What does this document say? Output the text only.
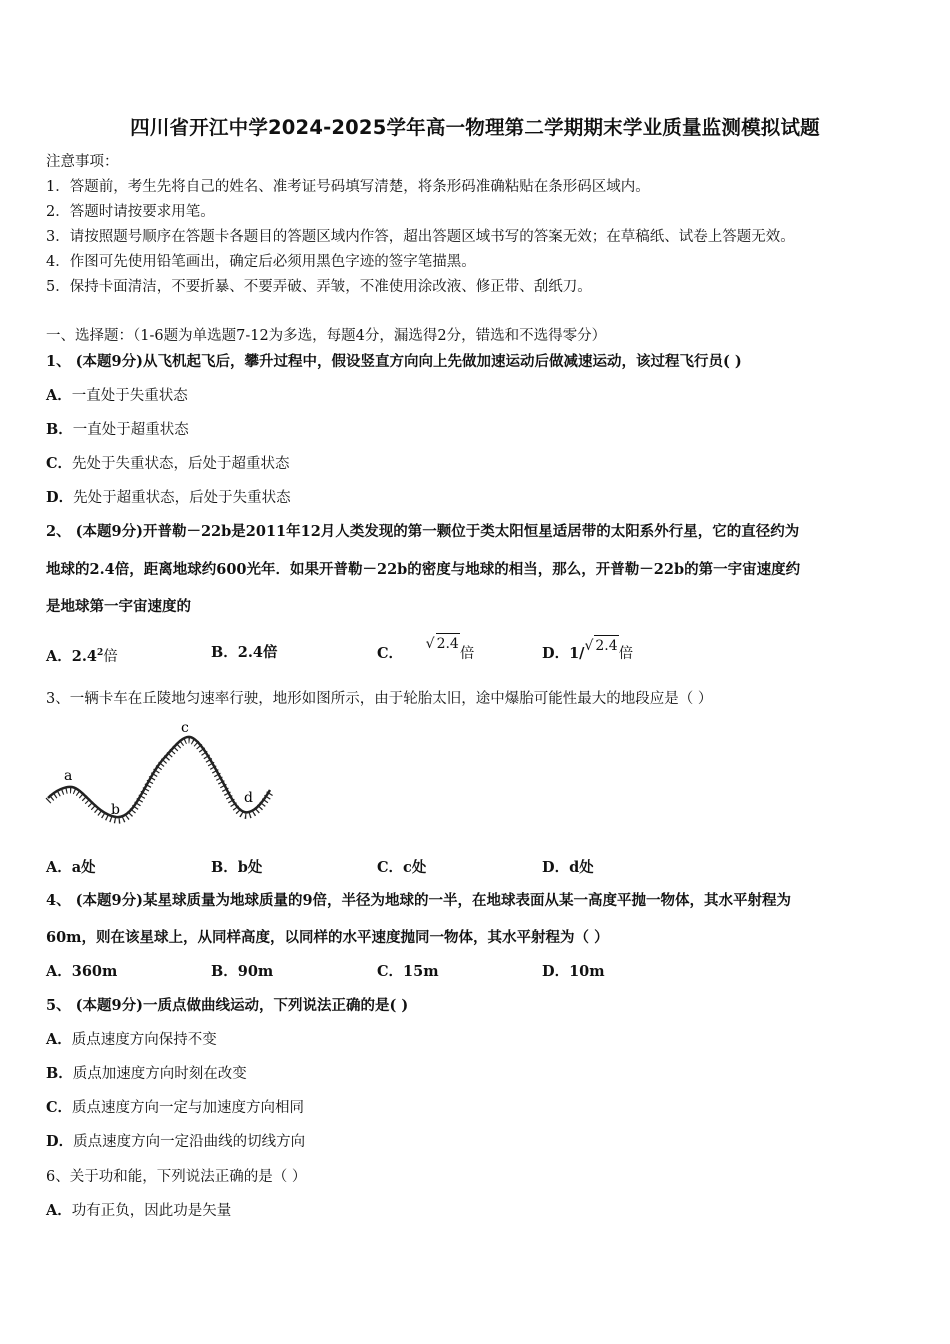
四川省开江中学2024-2025学年高一物理第二学期期末学业质量监测模拟试题
注意事项：
1．答题前，考生先将自己的姓名、准考证号码填写清楚，将条形码准确粘贴在条形码区域内。
2．答题时请按要求用笔。
3．请按照题号顺序在答题卡各题目的答题区域内作答，超出答题区域书写的答案无效；在草稿纸、试卷上答题无效。
4．作图可先使用铅笔画出，确定后必须用黑色字迹的签字笔描黑。
5．保持卡面清洁，不要折暴、不要弄破、弄皱，不准使用涂改液、修正带、刮纸刀。
一、选择题：（1-6题为单选题7-12为多选，每题4分，漏选得2分，错选和不选得零分）
1、 (本题9分)从飞机起飞后，攀升过程中，假设竖直方向向上先做加速运动后做减速运动，该过程飞行员( )
A．一直处于失重状态
B．一直处于超重状态
C．先处于失重状态，后处于超重状态
D．先处于超重状态，后处于失重状态
2、 (本题9分)开普勒－22b是2011年12月人类发现的第一颗位于类太阳恒星适居带的太阳系外行星，它的直径约为
地球的2.4倍，距离地球约600光年．如果开普勒－22b的密度与地球的相当，那么，开普勒－22b的第一宇宙速度约
是地球第一宇宙速度的
A．$2.4^2$倍	B．2.4倍	C． √ 2.4倍	D．1/√ 2.4倍
3、一辆卡车在丘陵地匀速率行驶，地形如图所示，由于轮胎太旧，途中爆胎可能性最大的地段应是（ ）
a
b
c
d
A．a处	B．b处	C．c处	D．d处
4、 (本题9分)某星球质量为地球质量的9倍，半径为地球的一半，在地球表面从某一高度平抛一物体，其水平射程为
60m，则在该星球上，从同样高度，以同样的水平速度抛同一物体，其水平射程为（ ）
A．360m	B．90m	C．15m	D．10m
5、 (本题9分)一质点做曲线运动，下列说法正确的是( )
A．质点速度方向保持不变
B．质点加速度方向时刻在改变
C．质点速度方向一定与加速度方向相同
D．质点速度方向一定沿曲线的切线方向
6、关于功和能，下列说法正确的是（ ）
A．功有正负，因此功是矢量
